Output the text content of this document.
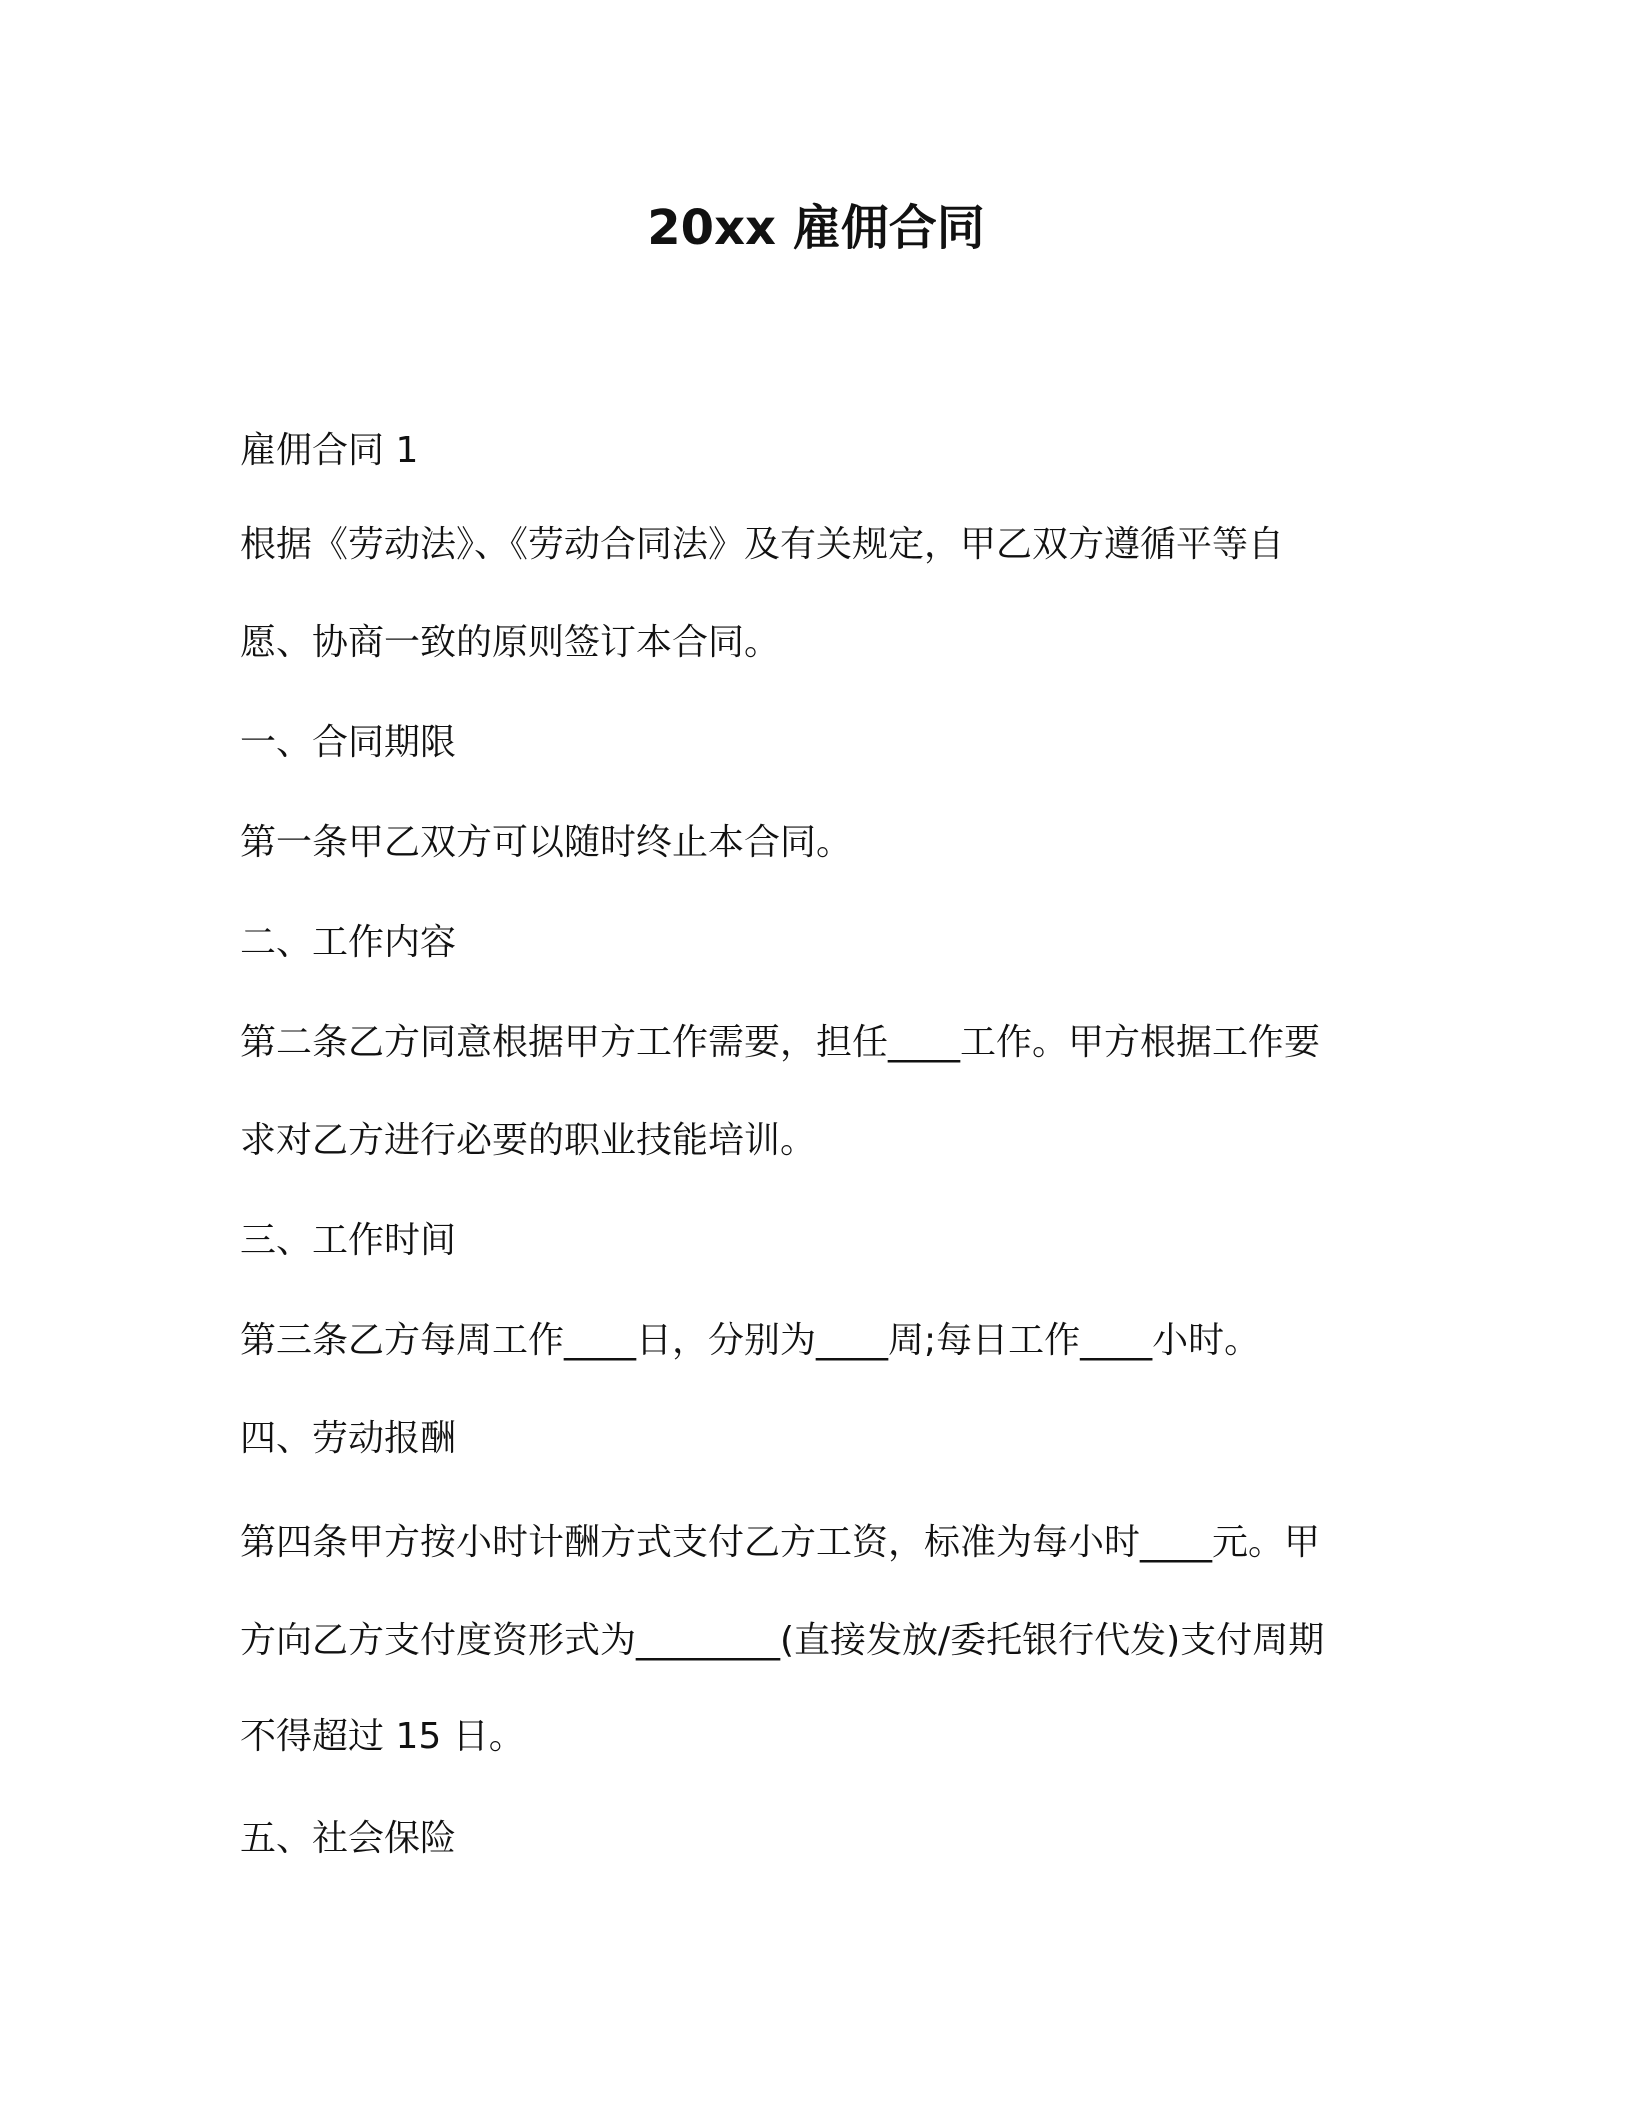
20xx 雇佣合同
雇佣合同 1
根据《劳动法》、《劳动合同法》及有关规定，甲乙双方遵循平等自
愿、协商一致的原则签订本合同。
一、合同期限
第一条甲乙双方可以随时终止本合同。
二、工作内容
第二条乙方同意根据甲方工作需要，担任____工作。甲方根据工作要
求对乙方进行必要的职业技能培训。
三、工作时间
第三条乙方每周工作____日，分别为____周;每日工作____小时。
四、劳动报酬
第四条甲方按小时计酬方式支付乙方工资，标准为每小时____元。甲
方向乙方支付度资形式为________(直接发放/委托银行代发)支付周期
不得超过 15 日。
五、社会保险
